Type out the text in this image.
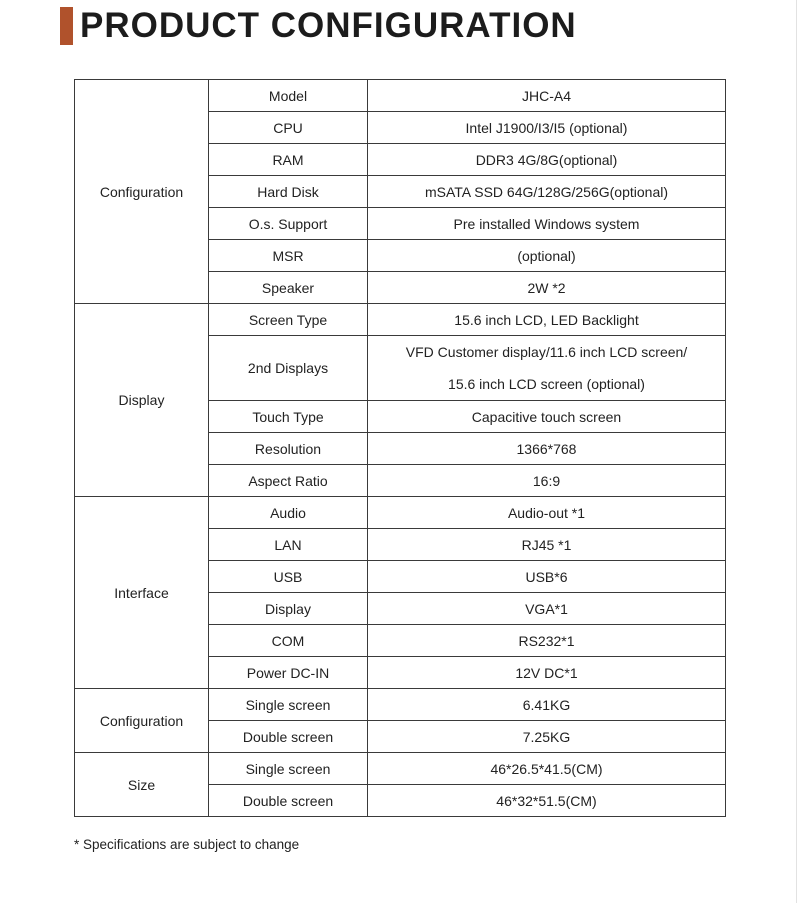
PRODUCT CONFIGURATION
Configuration	Model	JHC-A4
	CPU	Intel J1900/I3/I5 (optional)
	RAM	DDR3 4G/8G(optional)
	Hard Disk	mSATA SSD 64G/128G/256G(optional)
	O.s. Support	Pre installed Windows system
	MSR	(optional)
	Speaker	2W *2
Display	Screen Type	15.6 inch LCD, LED Backlight
	2nd Displays	VFD Customer display/11.6 inch LCD screen/
15.6 inch LCD screen (optional)

	Touch Type	Capacitive touch screen
	Resolution	1366*768
	Aspect Ratio	16:9
Interface	Audio	Audio-out *1
	LAN	RJ45 *1
	USB	USB*6
	Display	VGA*1
	COM	RS232*1
	Power DC-IN	12V DC*1
Configuration	Single screen	6.41KG
	Double screen	7.25KG
Size	Single screen	46*26.5*41.5(CM)
	Double screen	46*32*51.5(CM)
* Specifications are subject to change
